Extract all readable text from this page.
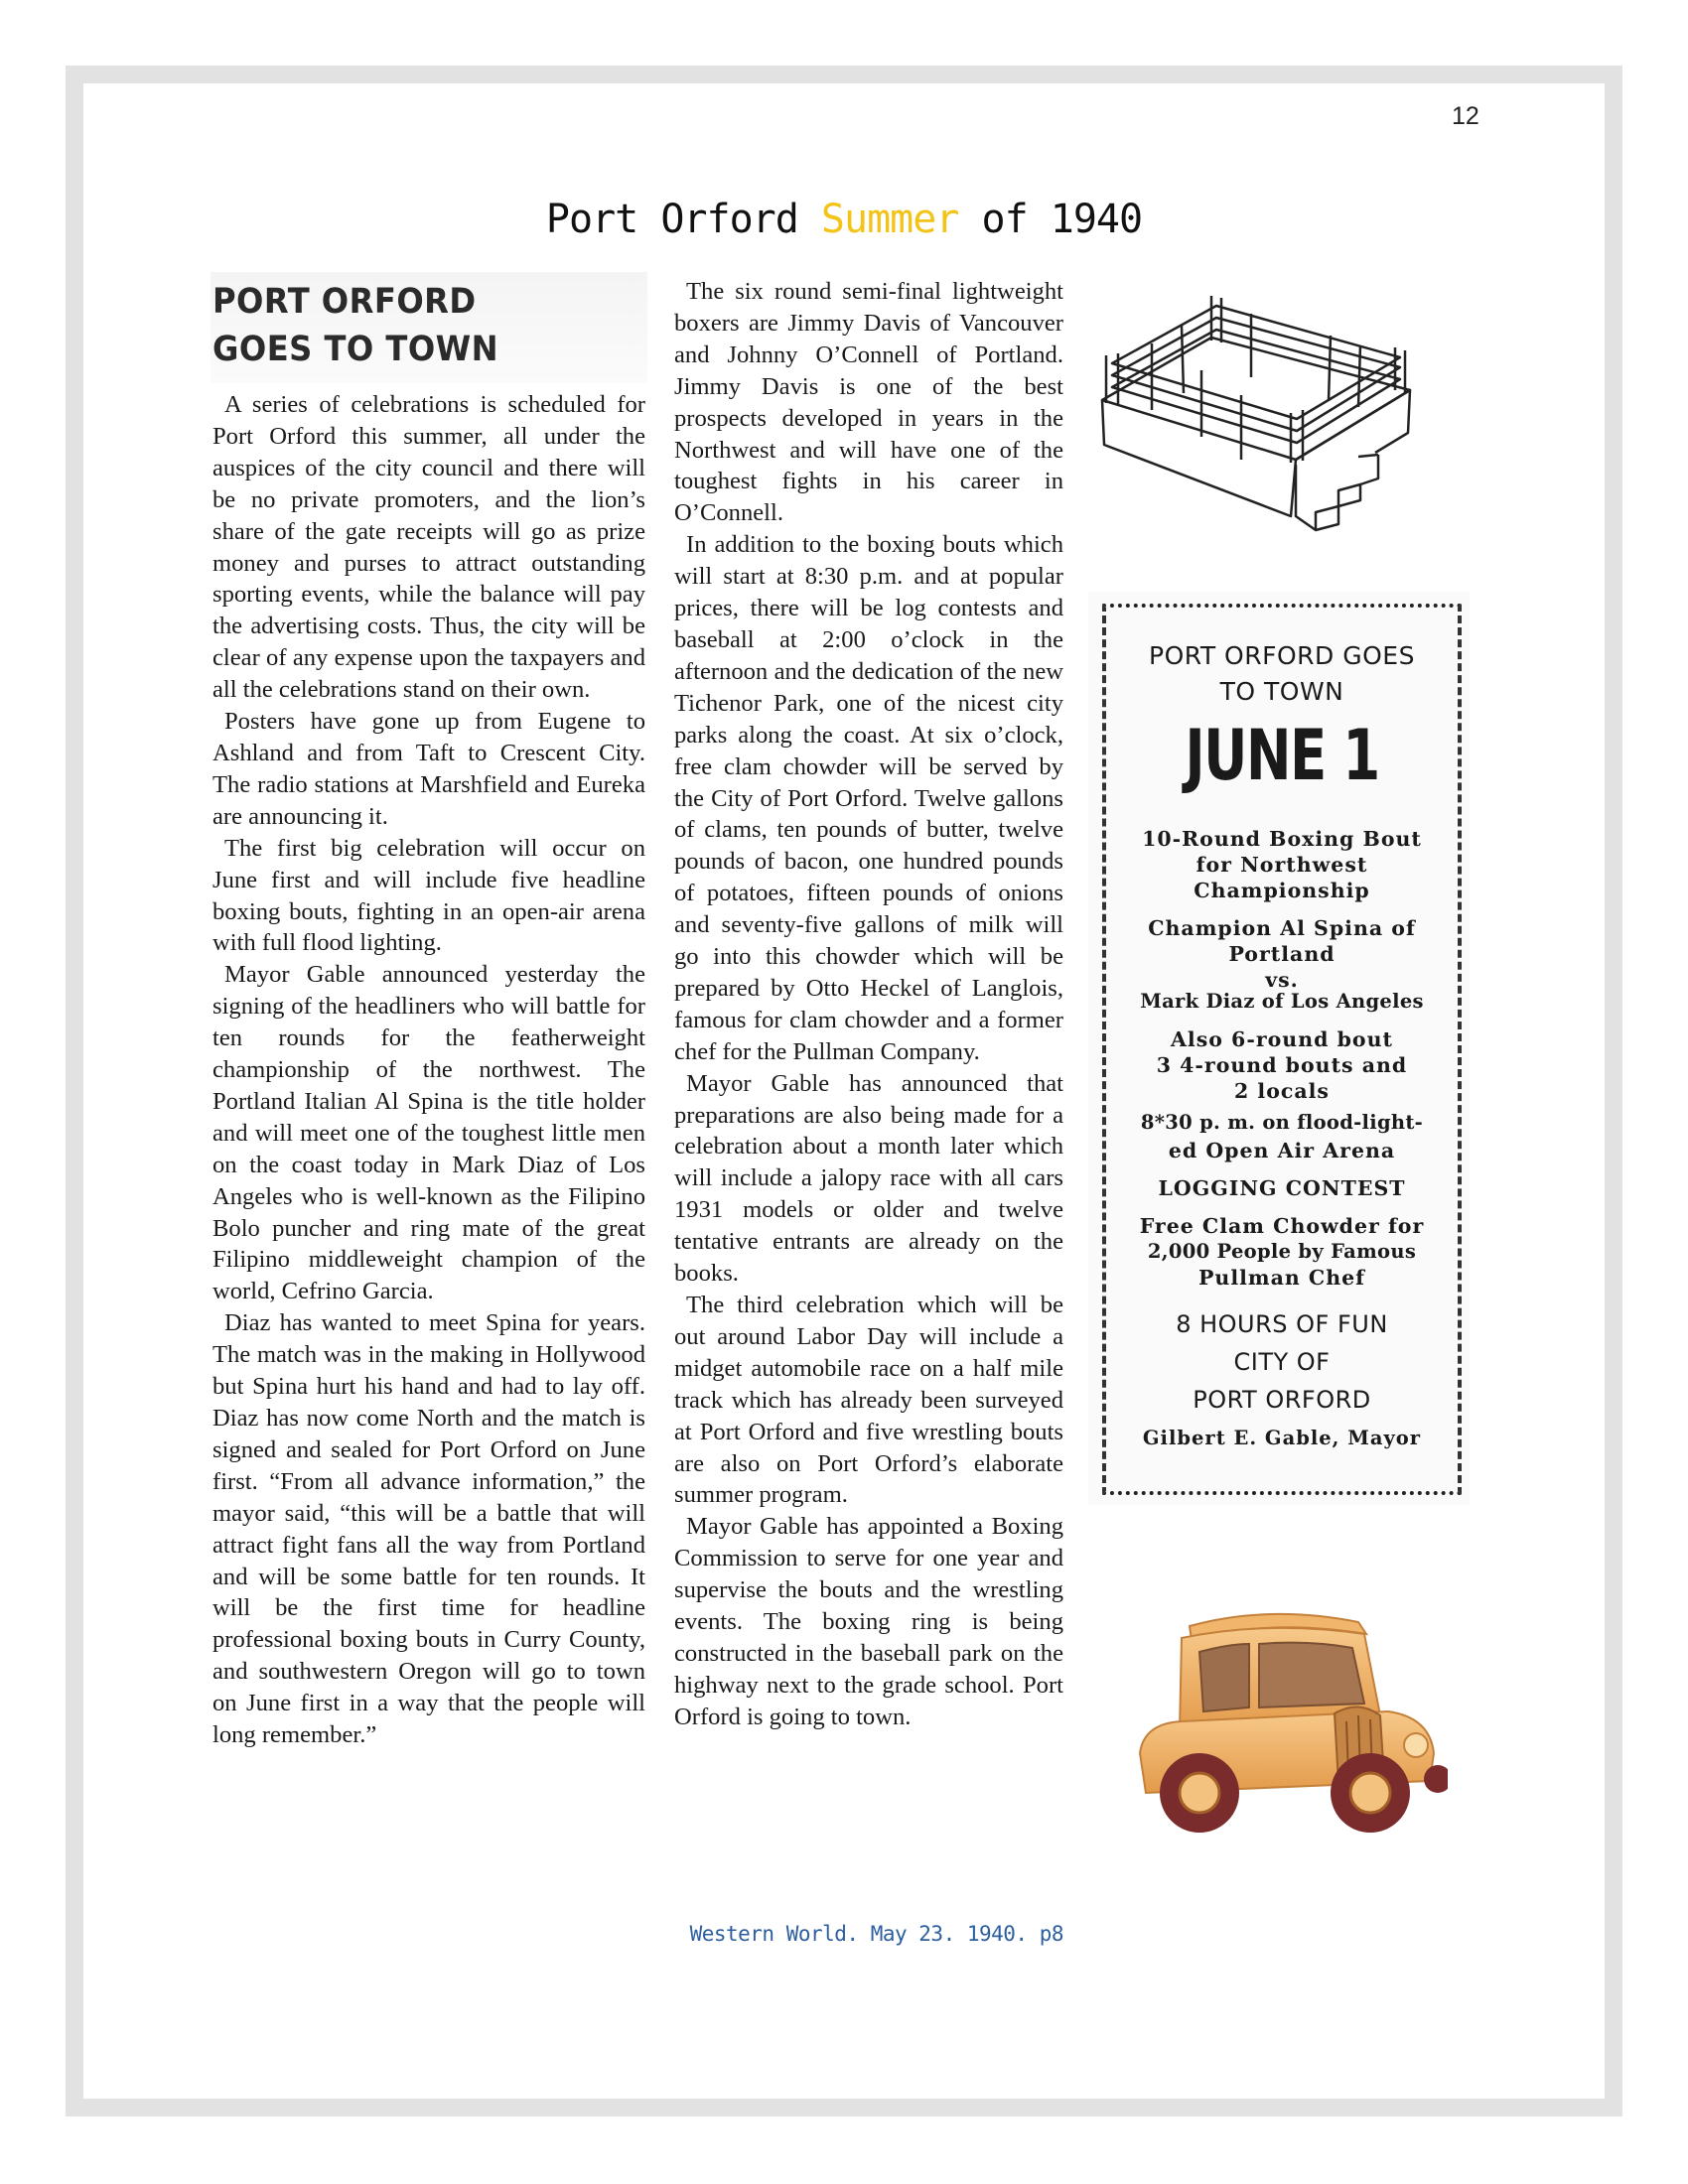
12
Port Orford Summer of 1940
PORT ORFORD
GOES TO TOWN

A series of celebrations is scheduled for Port Orford this summer, all under the auspices of the city council and there will be no private promoters, and the lion’s share of the gate receipts will go as prize money and purses to attract outstanding sporting events, while the balance will pay the advertising costs. Thus, the city will be clear of any expense upon the taxpayers and all the celebrations stand on their own.

Posters have gone up from Eugene to Ashland and from Taft to Crescent City. The radio stations at Marshfield and Eureka are announcing it.

The first big celebration will occur on June first and will include five headline boxing bouts, fighting in an open-air arena with full flood lighting.

Mayor Gable announced yesterday the signing of the headliners who will battle for ten rounds for the featherweight championship of the northwest. The Portland Italian Al Spina is the title holder and will meet one of the toughest little men on the coast today in Mark Diaz of Los Angeles who is well-known as the Filipino Bolo puncher and ring mate of the great Filipino middleweight champion of the world, Cefrino Garcia.

Diaz has wanted to meet Spina for years. The match was in the making in Hollywood but Spina hurt his hand and had to lay off. Diaz has now come North and the match is signed and sealed for Port Orford on June first. “From all advance information,” the mayor said, “this will be a battle that will attract fight fans all the way from Portland and will be some battle for ten rounds. It will be the first time for headline professional boxing bouts in Curry County, and southwestern Oregon will go to town on June first in a way that the people will long remember.”

The six round semi-final lightweight boxers are Jimmy Davis of Vancouver and Johnny O’Connell of Portland. Jimmy Davis is one of the best prospects developed in years in the Northwest and will have one of the toughest fights in his career in O’Connell.

In addition to the boxing bouts which will start at 8:30 p.m. and at popular prices, there will be log contests and baseball at 2:00 o’clock in the afternoon and the dedication of the new Tichenor Park, one of the nicest city parks along the coast. At six o’clock, free clam chowder will be served by the City of Port Orford. Twelve gallons of clams, ten pounds of butter, twelve pounds of bacon, one hundred pounds of potatoes, fifteen pounds of onions and seventy-five gallons of milk will go into this chowder which will be prepared by Otto Heckel of Langlois, famous for clam chowder and a former chef for the Pullman Company.

Mayor Gable has announced that preparations are also being made for a celebration about a month later which will include a jalopy race with all cars 1931 models or older and twelve tentative entrants are already on the books.

The third celebration which will be out around Labor Day will include a midget automobile race on a half mile track which has already been surveyed at Port Orford and five wrestling bouts are also on Port Orford’s elaborate summer program.

Mayor Gable has appointed a Boxing Commission to serve for one year and supervise the bouts and the wrestling events. The boxing ring is being constructed in the baseball park on the highway next to the grade school. Port Orford is going to town.

Western World. May 23. 1940. p8
PORT ORFORD GOES
TO TOWN
JUNE 1
10-Round Boxing Bout
for Northwest
Championship
Champion Al Spina of
Portland
vs.
Mark Diaz of Los Angeles
Also 6-round bout
3 4-round bouts and
2 locals
8*30 p. m. on flood-light-
ed Open Air Arena
LOGGING CONTEST
Free Clam Chowder for
2,000 People by Famous
Pullman Chef
8 HOURS OF FUN
CITY OF
PORT ORFORD
Gilbert E. Gable, Mayor
